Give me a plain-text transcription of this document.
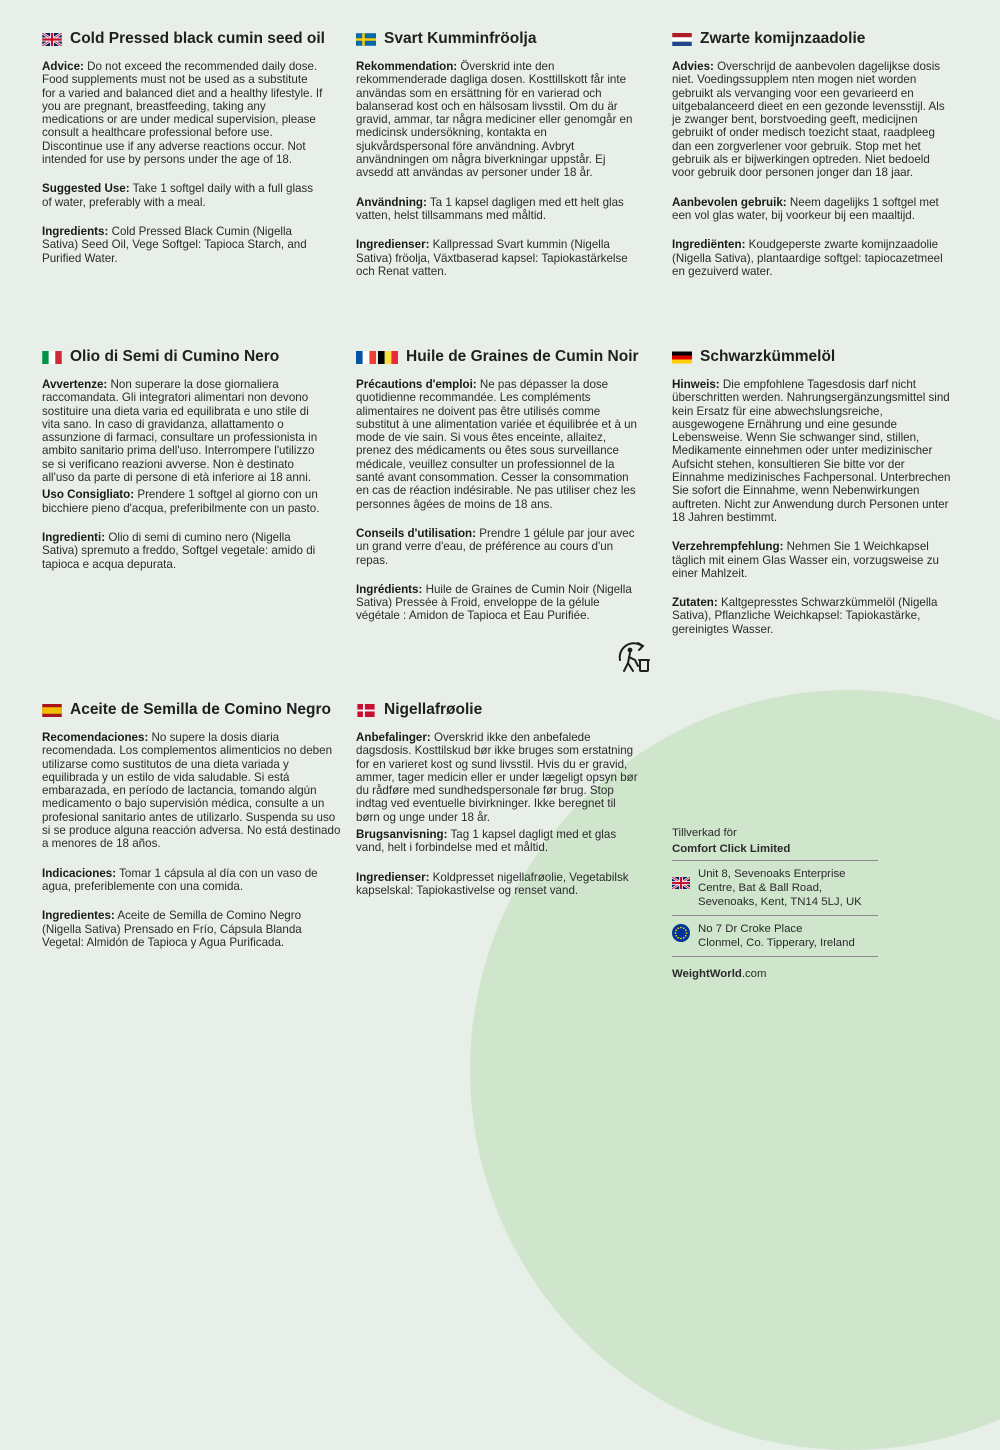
Cold Pressed black cumin seed oil

Advice: Do not exceed the recommended daily dose. Food supplements must not be used as a substitute for a varied and balanced diet and a healthy lifestyle. If you are pregnant, breastfeeding, taking any medications or are under medical supervision, please consult a healthcare professional before use. Discontinue use if any adverse reactions occur. Not intended for use by persons under the age of 18.

Suggested Use: Take 1 softgel daily with a full glass of water, preferably with a meal.

Ingredients: Cold Pressed Black Cumin (Nigella Sativa) Seed Oil, Vege Softgel: Tapioca Starch, and Purified Water.

Svart Kumminfröolja

Rekommendation: Överskrid inte den rekommenderade dagliga dosen. Kosttillskott får inte användas som en ersättning för en varierad och balanserad kost och en hälsosam livsstil. Om du är gravid, ammar, tar några mediciner eller genomgår en medicinsk undersökning, kontakta en sjukvårdspersonal före användning. Avbryt användningen om några biverkningar uppstår. Ej avsedd att användas av personer under 18 år.

Användning: Ta 1 kapsel dagligen med ett helt glas vatten, helst tillsammans med måltid.

Ingredienser: Kallpressad Svart kummin (Nigella Sativa) fröolja, Växtbaserad kapsel: Tapiokastärkelse och Renat vatten.

Zwarte komijnzaadolie

Advies: Overschrijd de aanbevolen dagelijkse dosis niet. Voedingssupplem nten mogen niet worden gebruikt als vervanging voor een gevarieerd en uitgebalanceerd dieet en een gezonde levensstijl. Als je zwanger bent, borstvoeding geeft, medicijnen gebruikt of onder medisch toezicht staat, raadpleeg dan een zorgverlener voor gebruik. Stop met het gebruik als er bijwerkingen optreden. Niet bedoeld voor gebruik door personen jonger dan 18 jaar.

Aanbevolen gebruik: Neem dagelijks 1 softgel met een vol glas water, bij voorkeur bij een maaltijd.

Ingrediënten: Koudgeperste zwarte komijnzaadolie (Nigella Sativa), plantaardige softgel: tapiocazetmeel en gezuiverd water.

Olio di Semi di Cumino Nero

Avvertenze: Non superare la dose giornaliera raccomandata. Gli integratori alimentari non devono sostituire una dieta varia ed equilibrata e uno stile di vita sano. In caso di gravidanza, allattamento o assunzione di farmaci, consultare un professionista in ambito sanitario prima dell'uso. Interrompere l'utilizzo se si verificano reazioni avverse. Non è destinato all'uso da parte di persone di età inferiore ai 18 anni.

Uso Consigliato: Prendere 1 softgel al giorno con un bicchiere pieno d'acqua, preferibilmente con un pasto.

Ingredienti: Olio di semi di cumino nero (Nigella Sativa) spremuto a freddo, Softgel vegetale: amido di tapioca e acqua depurata.

Huile de Graines de Cumin Noir

Précautions d'emploi: Ne pas dépasser la dose quotidienne recommandée. Les compléments alimentaires ne doivent pas être utilisés comme substitut à une alimentation variée et équilibrée et à un mode de vie sain. Si vous êtes enceinte, allaitez, prenez des médicaments ou êtes sous surveillance médicale, veuillez consulter un professionnel de la santé avant consommation. Cesser la consommation en cas de réaction indésirable. Ne pas utiliser chez les personnes âgées de moins de 18 ans.

Conseils d'utilisation: Prendre 1 gélule par jour avec un grand verre d'eau, de préférence au cours d'un repas.

Ingrédients: Huile de Graines de Cumin Noir (Nigella Sativa) Pressée à Froid, enveloppe de la gélule végétale : Amidon de Tapioca et Eau Purifiée.

Schwarzkümmelöl

Hinweis: Die empfohlene Tagesdosis darf nicht überschritten werden. Nahrungsergänzungsmittel sind kein Ersatz für eine abwechslungsreiche, ausgewogene Ernährung und eine gesunde Lebensweise. Wenn Sie schwanger sind, stillen, Medikamente einnehmen oder unter medizinischer Aufsicht stehen, konsultieren Sie bitte vor der Einnahme medizinisches Fachpersonal. Unterbrechen Sie sofort die Einnahme, wenn Nebenwirkungen auftreten. Nicht zur Anwendung durch Personen unter 18 Jahren bestimmt.

Verzehrempfehlung: Nehmen Sie 1 Weichkapsel täglich mit einem Glas Wasser ein, vorzugsweise zu einer Mahlzeit.

Zutaten: Kaltgepresstes Schwarzkümmelöl (Nigella Sativa), Pflanzliche Weichkapsel: Tapiokastärke, gereinigtes Wasser.

Aceite de Semilla de Comino Negro

Recomendaciones: No supere la dosis diaria recomendada. Los complementos alimenticios no deben utilizarse como sustitutos de una dieta variada y equilibrada y un estilo de vida saludable. Si está embarazada, en período de lactancia, tomando algún medicamento o bajo supervisión médica, consulte a un profesional sanitario antes de utilizarlo. Suspenda su uso si se produce alguna reacción adversa. No está destinado a menores de 18 años.

Indicaciones: Tomar 1 cápsula al día con un vaso de agua, preferiblemente con una comida.

Ingredientes: Aceite de Semilla de Comino Negro (Nigella Sativa) Prensado en Frío, Cápsula Blanda Vegetal: Almidón de Tapioca y Agua Purificada.

Nigellafrøolie

Anbefalinger: Overskrid ikke den anbefalede dagsdosis. Kosttilskud bør ikke bruges som erstatning for en varieret kost og sund livsstil. Hvis du er gravid, ammer, tager medicin eller er under lægeligt opsyn bør du rådføre med sundhedspersonale før brug. Stop indtag ved eventuelle bivirkninger. Ikke beregnet til børn og unge under 18 år.

Brugsanvisning: Tag 1 kapsel dagligt med et glas vand, helt i forbindelse med et måltid.

Ingredienser: Koldpresset nigellafrøolie, Vegetabilsk kapselskal: Tapiokastivelse og renset vand.

Tillverkad för
Comfort Click Limited
Unit 8, Sevenoaks Enterprise
Centre, Bat & Ball Road,
Sevenoaks, Kent, TN14 5LJ, UK
No 7 Dr Croke Place
Clonmel, Co. Tipperary, Ireland
WeightWorld.com
